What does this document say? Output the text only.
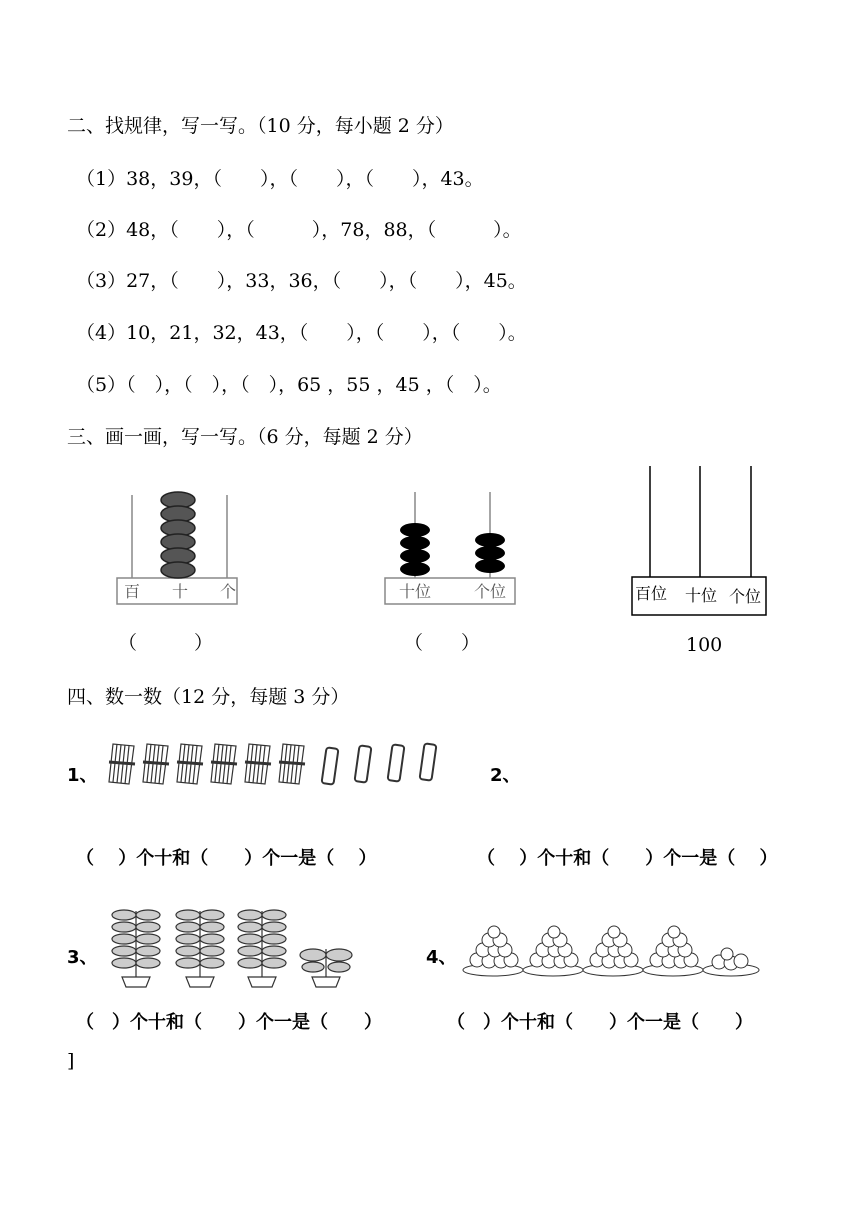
二、找规律，写一写。（10 分，每小题 2 分）
（1）38，39，（　　），（　　），（　　），43。
（2）48，（　　），（　　　），78，88，（　　　）。
（3）27，（　　），33，36，（　　），（　　），45。
（4）10，21，32，43，（　　），（　　），（　　）。
（5）（　），（　），（　），65 ，55 ，45 ，（　）。
三、画一画，写一写。（6 分，每题 2 分）
百 十 个
（　　　）
十位	个位
（　　）
百位 十位 个位
100
四、数一数（12 分，每题 3 分）
1、	2、
（　 ）个十和（　　）个一是（　 ）	（　 ）个十和（　　）个一是（　 ）
3、	4、
（　）个十和（　　）个一是（　　）	（　）个十和（　　）个一是（　　）
]
